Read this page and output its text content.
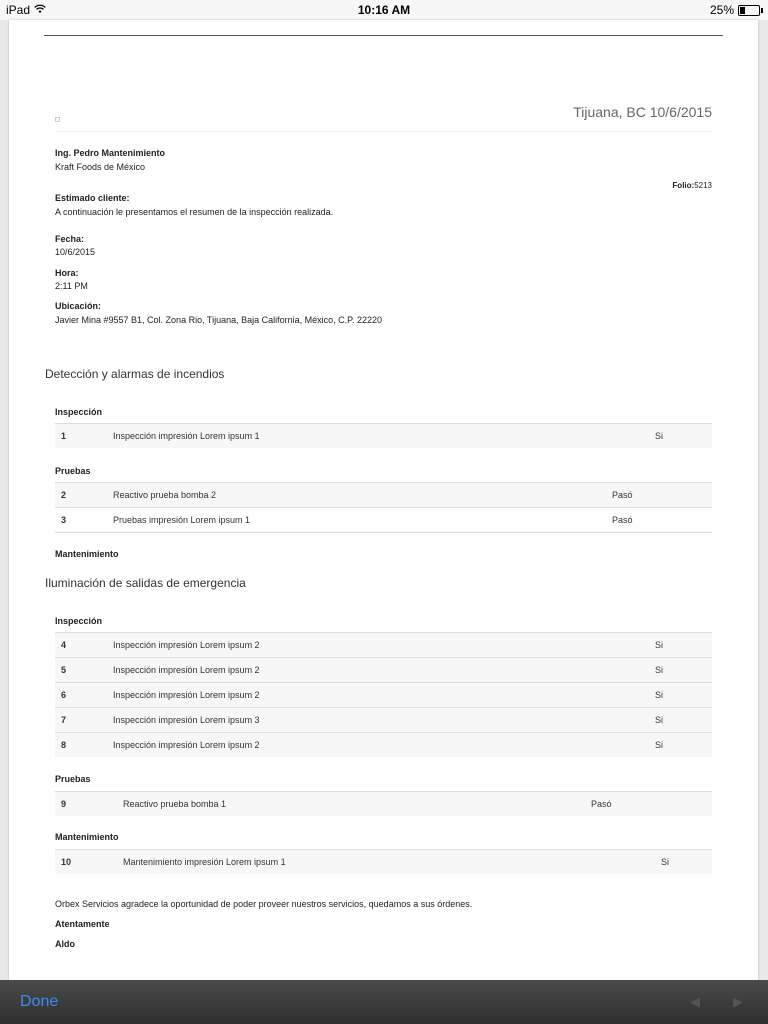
iPad	10:16 AM	25%
Tijuana, BC 10/6/2015
Ing. Pedro Mantenimiento
Kraft Foods de México
Folio:5213
Estimado cliente:
A continuación le presentamos el resumen de la inspección realizada.
Fecha:
10/6/2015
Hora:
2:11 PM
Ubicación:
Javier Mina #9557 B1, Col. Zona Rio, Tijuana, Baja California, México, C.P. 22220
Detección y alarmas de incendios
Inspección
1	Inspección impresión Lorem ipsum 1	Si
Pruebas
2	Reactivo prueba bomba 2	Pasó
3	Pruebas impresión Lorem ipsum 1	Pasó
Mantenimiento
Iluminación de salidas de emergencia
Inspección
4	Inspección impresión Lorem ipsum 2	Si
5	Inspección impresión Lorem ipsum 2	Si
6	Inspección impresión Lorem ipsum 2	Si
7	Inspección impresión Lorem ipsum 3	Si
8	Inspección impresión Lorem ipsum 2	Si
Pruebas
9	Reactivo prueba bomba 1	Pasó
Mantenimiento
10	Mantenimiento impresión Lorem ipsum 1	Si
Orbex Servicios agradece la oportunidad de poder proveer nuestros servicios, quedamos a sus órdenes.
Atentamente
Aldo
Done	◀	▶
